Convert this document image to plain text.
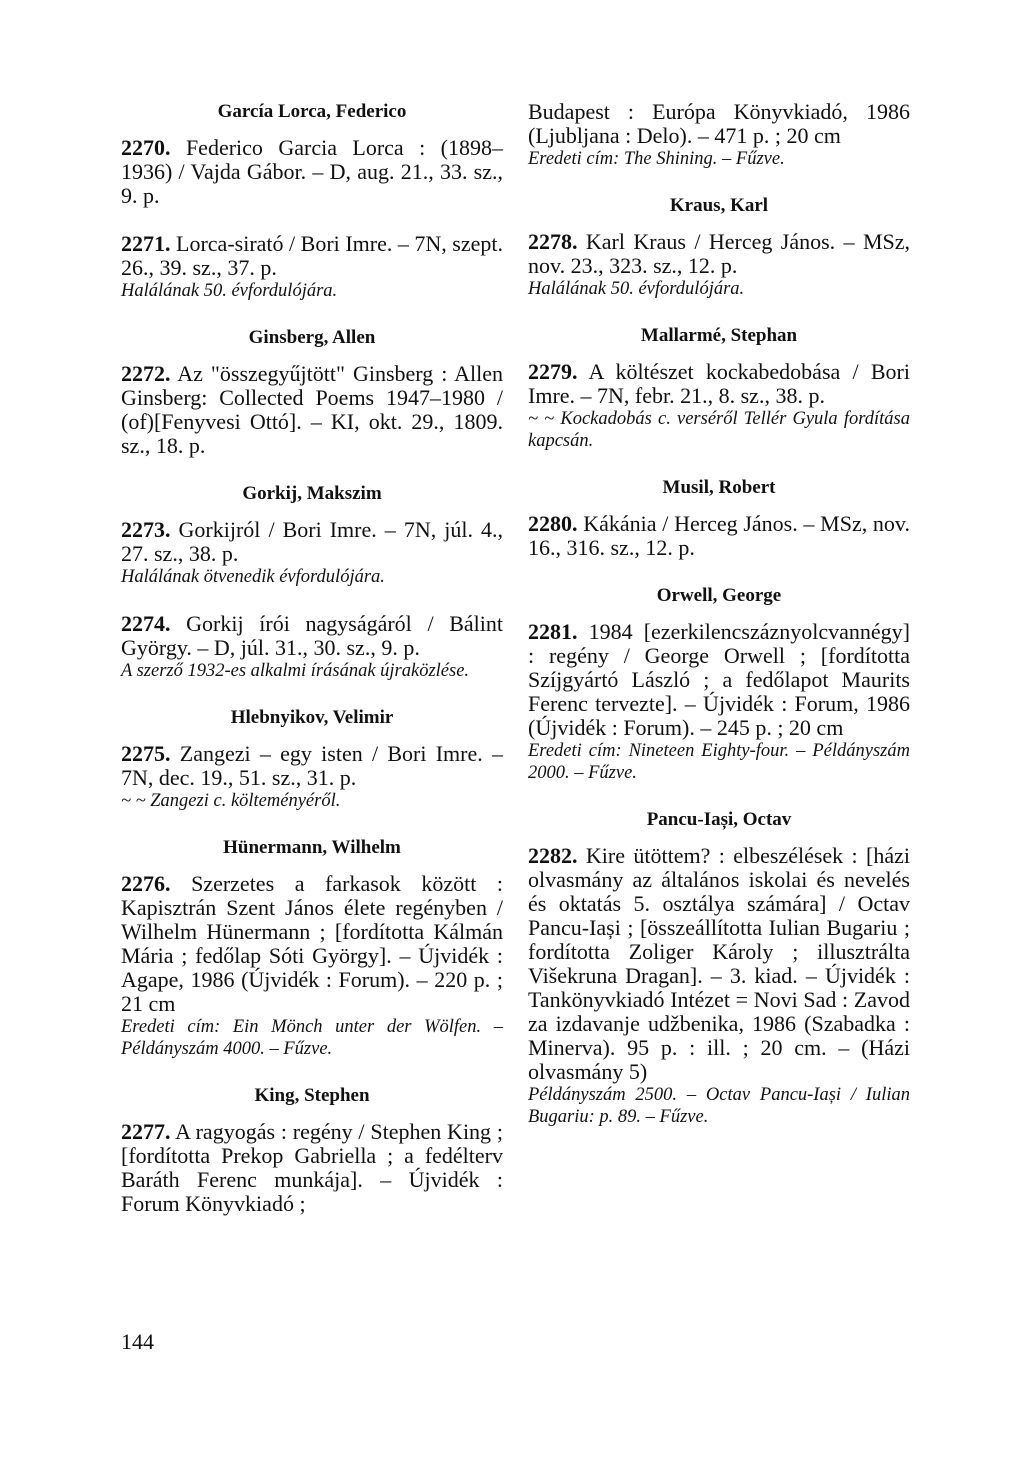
García Lorca, Federico

2270. Federico Garcia Lorca : (1898–1936) / Vajda Gábor. – D, aug. 21., 33. sz., 9. p.

2271. Lorca-sirató / Bori Imre. – 7N, szept. 26., 39. sz., 37. p.

Halálának 50. évfordulójára.

Ginsberg, Allen

2272. Az "összegyűjtött" Ginsberg : Allen Ginsberg: Collected Poems 1947–1980 / (of)[Fenyvesi Ottó]. – KI, okt. 29., 1809. sz., 18. p.

Gorkij, Makszim

2273. Gorkijról / Bori Imre. – 7N, júl. 4., 27. sz., 38. p.

Halálának ötvenedik évfordulójára.

2274. Gorkij írói nagyságáról / Bálint György. – D, júl. 31., 30. sz., 9. p.

A szerző 1932-es alkalmi írásának újraközlése.

Hlebnyikov, Velimir

2275. Zangezi – egy isten / Bori Imre. – 7N, dec. 19., 51. sz., 31. p.

~ ~ Zangezi c. költeményéről.

Hünermann, Wilhelm

2276. Szerzetes a farkasok között : Kapisztrán Szent János élete regényben / Wilhelm Hünermann ; [fordította Kálmán Mária ; fedőlap Sóti György]. – Újvidék : Agape, 1986 (Újvidék : Forum). – 220 p. ; 21 cm

Eredeti cím: Ein Mönch unter der Wölfen. – Példányszám 4000. – Fűzve.

King, Stephen

2277. A ragyogás : regény / Stephen King ; [fordította Prekop Gabriella ; a fedélterv Baráth Ferenc munkája]. – Újvidék : Forum Könyvkiadó ;

Budapest : Európa Könyvkiadó, 1986 (Ljubljana : Delo). – 471 p. ; 20 cm

Eredeti cím: The Shining. – Fűzve.

Kraus, Karl

2278. Karl Kraus / Herceg János. – MSz, nov. 23., 323. sz., 12. p.

Halálának 50. évfordulójára.

Mallarmé, Stephan

2279. A költészet kockabedobása / Bori Imre. – 7N, febr. 21., 8. sz., 38. p.

~ ~ Kockadobás c. verséről Tellér Gyula fordítása kapcsán.

Musil, Robert

2280. Kákánia / Herceg János. – MSz, nov. 16., 316. sz., 12. p.

Orwell, George

2281. 1984 [ezerkilencszáznyolcvannégy] : regény / George Orwell ; [fordította Szíjgyártó László ; a fedőlapot Maurits Ferenc tervezte]. – Újvidék : Forum, 1986 (Újvidék : Forum). – 245 p. ; 20 cm

Eredeti cím: Nineteen Eighty-four. – Példányszám 2000. – Fűzve.

Pancu-Iași, Octav

2282. Kire ütöttem? : elbeszélések : [házi olvasmány az általános iskolai és nevelés és oktatás 5. osztálya számára] / Octav Pancu-Iași ; [összeállította Iulian Bugariu ; fordította Zoliger Károly ; illusztrálta Višekruna Dragan]. – 3. kiad. – Újvidék : Tankönyvkiadó Intézet = Novi Sad : Zavod za izdavanje udžbenika, 1986 (Szabadka : Minerva). 95 p. : ill. ; 20 cm. – (Házi olvasmány 5)

Példányszám 2500. – Octav Pancu-Iași / Iulian Bugariu: p. 89. – Fűzve.

144
